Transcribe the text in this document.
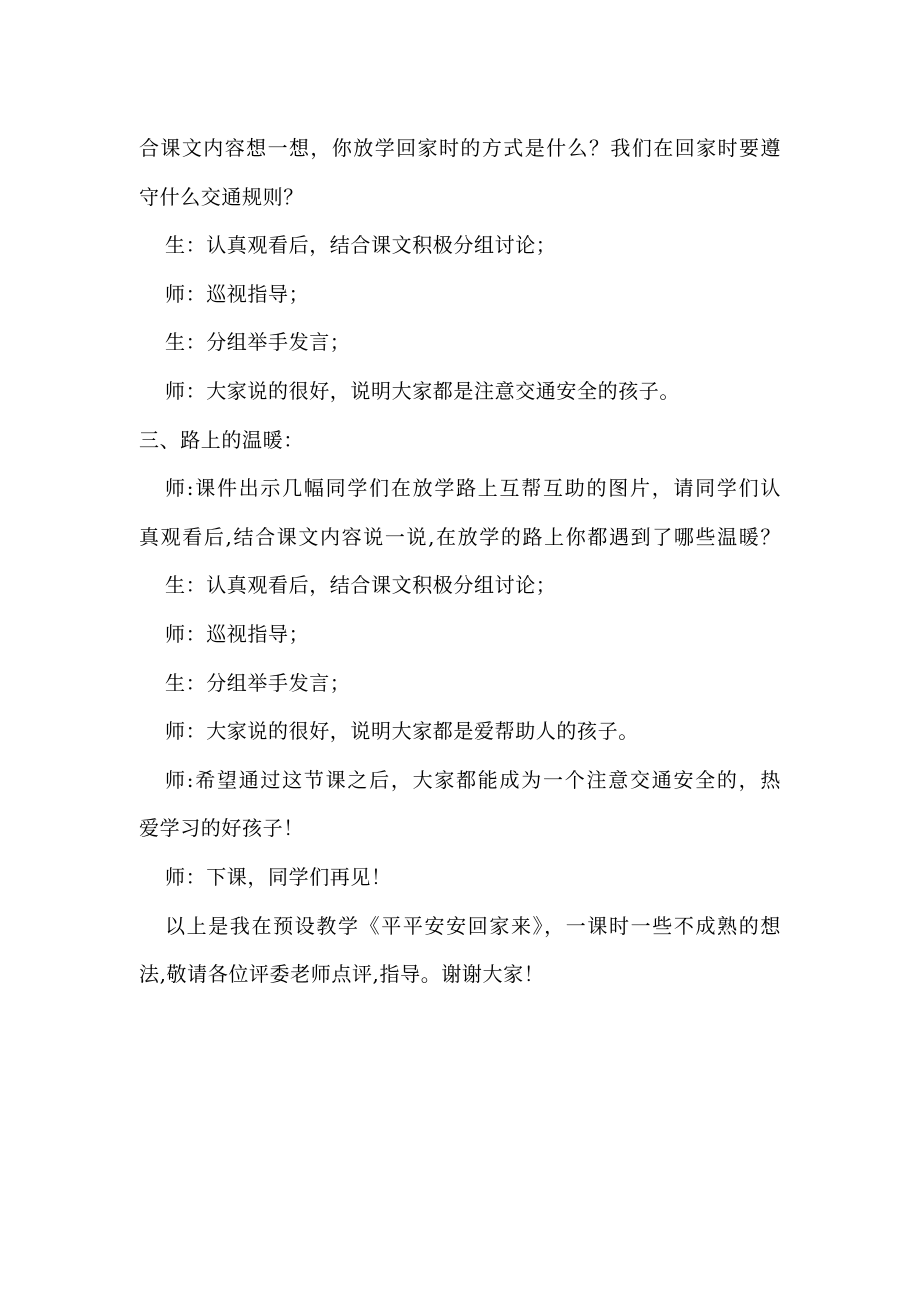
合课文内容想一想，你放学回家时的方式是什么？我们在回家时要遵
守什么交通规则？
生：认真观看后，结合课文积极分组讨论；
师：巡视指导；
生：分组举手发言；
师：大家说的很好，说明大家都是注意交通安全的孩子。
三、路上的温暖：
师:课件出示几幅同学们在放学路上互帮互助的图片，请同学们认
真观看后,结合课文内容说一说,在放学的路上你都遇到了哪些温暖？
生：认真观看后，结合课文积极分组讨论；
师：巡视指导；
生：分组举手发言；
师：大家说的很好，说明大家都是爱帮助人的孩子。
师:希望通过这节课之后，大家都能成为一个注意交通安全的，热
爱学习的好孩子！
师：下课，同学们再见！
以上是我在预设教学《平平安安回家来》，一课时一些不成熟的想
法,敬请各位评委老师点评,指导。谢谢大家！
